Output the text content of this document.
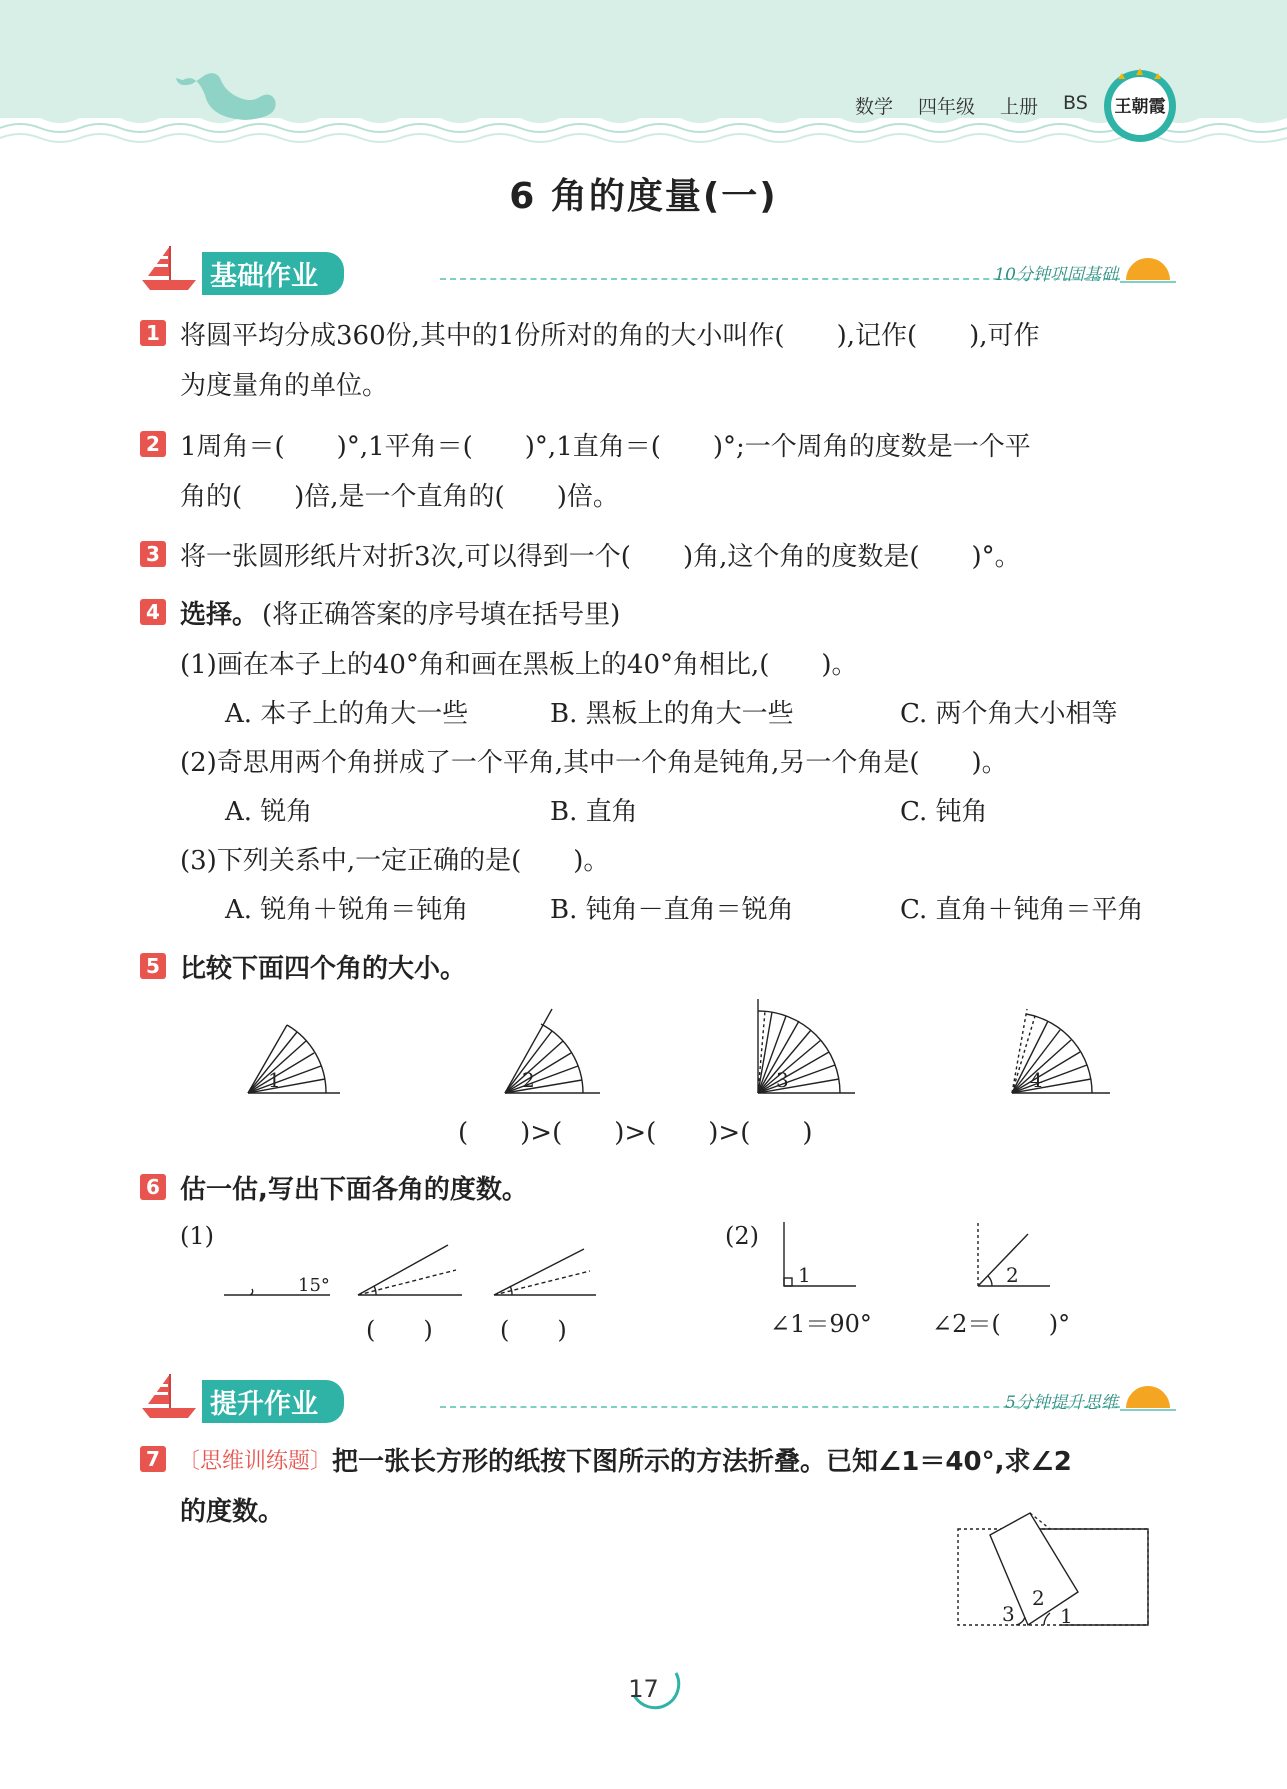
数学 四年级 上册 BS	王朝霞
6 角的度量(一)
基础作业	10分钟巩固基础
1 将圆平均分成360份,其中的1份所对的角的大小叫作(　　),记作(　　),可作
为度量角的单位。
2 1周角＝(　　)°,1平角＝(　　)°,1直角＝(　　)°;一个周角的度数是一个平
角的(　　)倍,是一个直角的(　　)倍。
3 将一张圆形纸片对折3次,可以得到一个(　　)角,这个角的度数是(　　)°。
4 选择。 (将正确答案的序号填在括号里)
(1)画在本子上的40°角和画在黑板上的40°角相比,(　　)。
A. 本子上的角大一些	B. 黑板上的角大一些	C. 两个角大小相等
(2)奇思用两个角拼成了一个平角,其中一个角是钝角,另一个角是(　　)。
A. 锐角	B. 直角	C. 钝角
(3)下列关系中,一定正确的是(　　)。
A. 锐角＋锐角＝钝角	B. 钝角－直角＝锐角	C. 直角＋钝角＝平角
5 比较下面四个角的大小。
1	2	3	4
(　　)>(　　)>(　　)>(　　)
6 估一估,写出下面各角的度数。
(1)	(2)
15°
(　　)	(　　)
1	2
∠1＝90°	∠2＝(　　)°
提升作业	5分钟提升思维
7 〔思维训练题〕 把一张长方形的纸按下图所示的方法折叠。已知∠1＝40°,求∠2
的度数。
3
2
1
17
